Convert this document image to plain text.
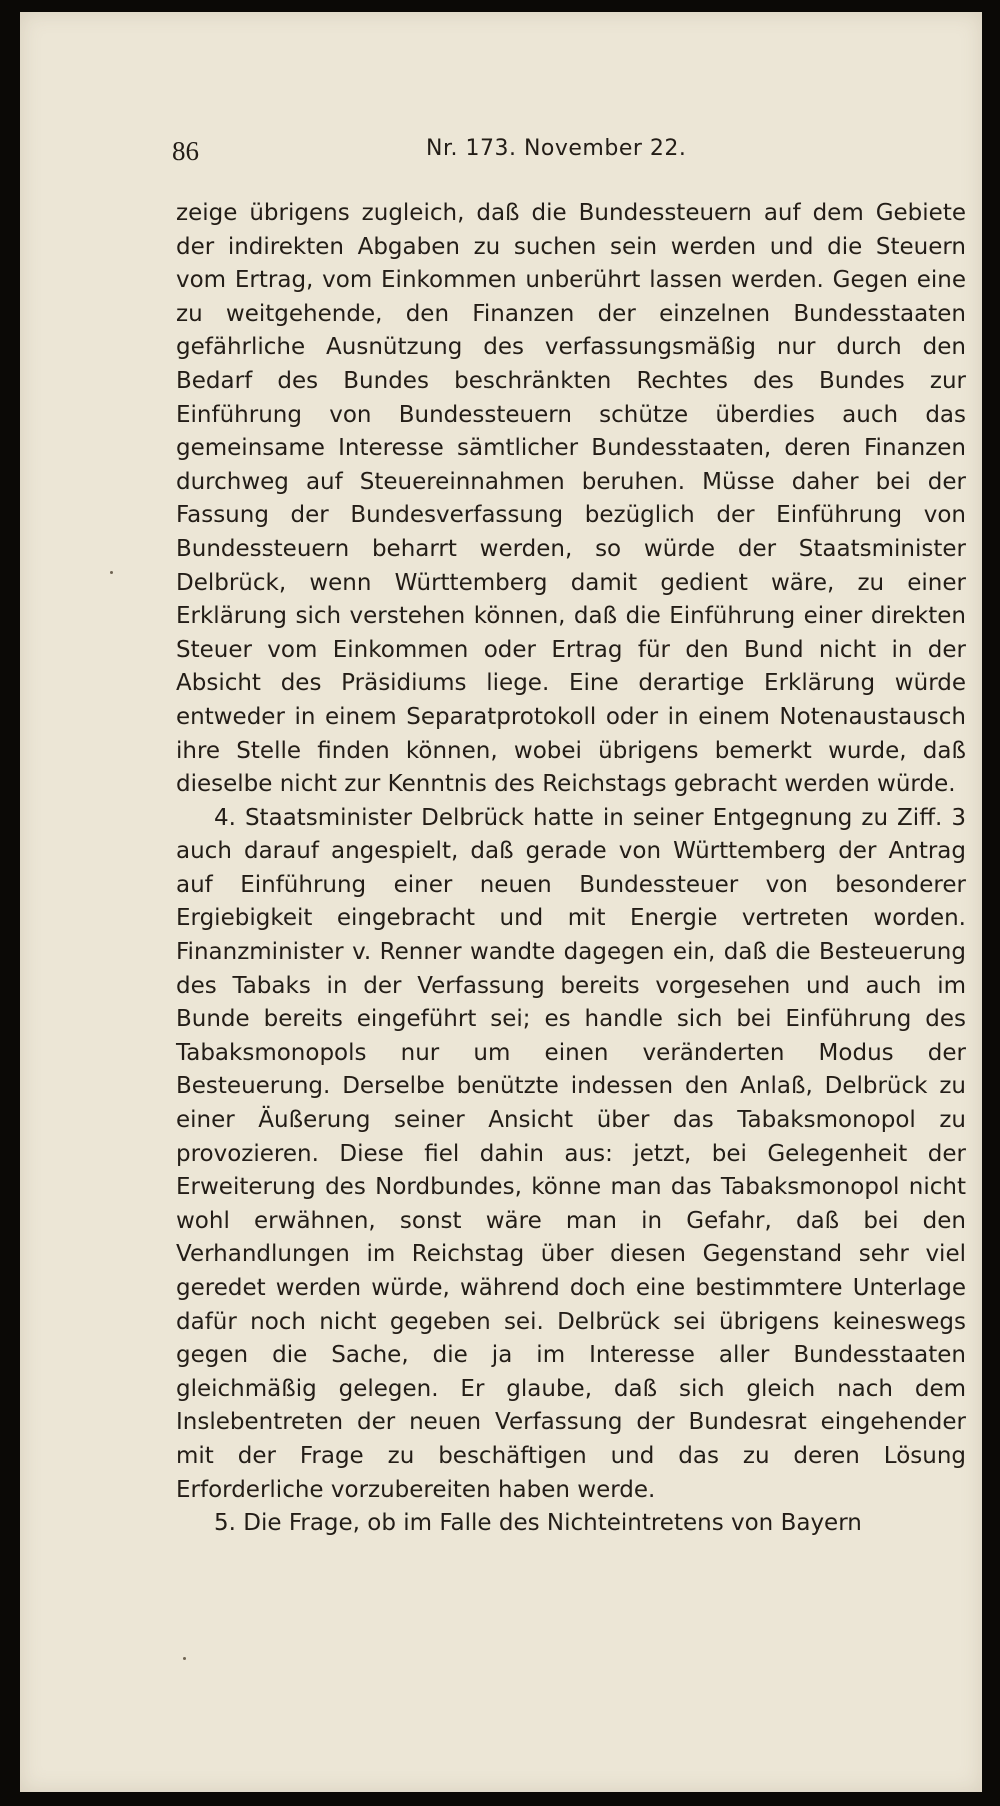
86	Nr. 173. November 22.

zeige übrigens zugleich, daß die Bundessteuern auf dem Gebiete der indirekten Abgaben zu suchen sein werden und die Steuern vom Ertrag, vom Einkommen unberührt lassen werden. Gegen eine zu weitgehende, den Finanzen der einzelnen Bundesstaaten gefährliche Ausnützung des verfassungsmäßig nur durch den Bedarf des Bundes beschränkten Rechtes des Bundes zur Einführung von Bundessteuern schütze überdies auch das gemeinsame Interesse sämtlicher Bundesstaaten, deren Finanzen durchweg auf Steuereinnahmen beruhen. Müsse daher bei der Fassung der Bundesverfassung bezüglich der Einführung von Bundessteuern beharrt werden, so würde der Staatsminister Delbrück, wenn Württemberg damit gedient wäre, zu einer Erklärung sich verstehen können, daß die Einführung einer direkten Steuer vom Einkommen oder Ertrag für den Bund nicht in der Absicht des Präsidiums liege. Eine derartige Erklärung würde entweder in einem Separatprotokoll oder in einem Notenaustausch ihre Stelle finden können, wobei übrigens bemerkt wurde, daß dieselbe nicht zur Kenntnis des Reichstags gebracht werden würde.

4. Staatsminister Delbrück hatte in seiner Entgegnung zu Ziff. 3 auch darauf angespielt, daß gerade von Württemberg der Antrag auf Einführung einer neuen Bundessteuer von besonderer Ergiebigkeit eingebracht und mit Energie vertreten worden. Finanzminister v. Renner wandte dagegen ein, daß die Besteuerung des Tabaks in der Verfassung bereits vorgesehen und auch im Bunde bereits eingeführt sei; es handle sich bei Einführung des Tabaksmonopols nur um einen veränderten Modus der Besteuerung. Derselbe benützte indessen den Anlaß, Delbrück zu einer Äußerung seiner Ansicht über das Tabaksmonopol zu provozieren. Diese fiel dahin aus: jetzt, bei Gelegenheit der Erweiterung des Nordbundes, könne man das Tabaksmonopol nicht wohl erwähnen, sonst wäre man in Gefahr, daß bei den Verhandlungen im Reichstag über diesen Gegenstand sehr viel geredet werden würde, während doch eine bestimmtere Unterlage dafür noch nicht gegeben sei. Delbrück sei übrigens keineswegs gegen die Sache, die ja im Interesse aller Bundesstaaten gleichmäßig gelegen. Er glaube, daß sich gleich nach dem Inslebentreten der neuen Verfassung der Bundesrat eingehender mit der Frage zu beschäftigen und das zu deren Lösung Erforderliche vorzubereiten haben werde.

5. Die Frage, ob im Falle des Nichteintretens von Bayern
